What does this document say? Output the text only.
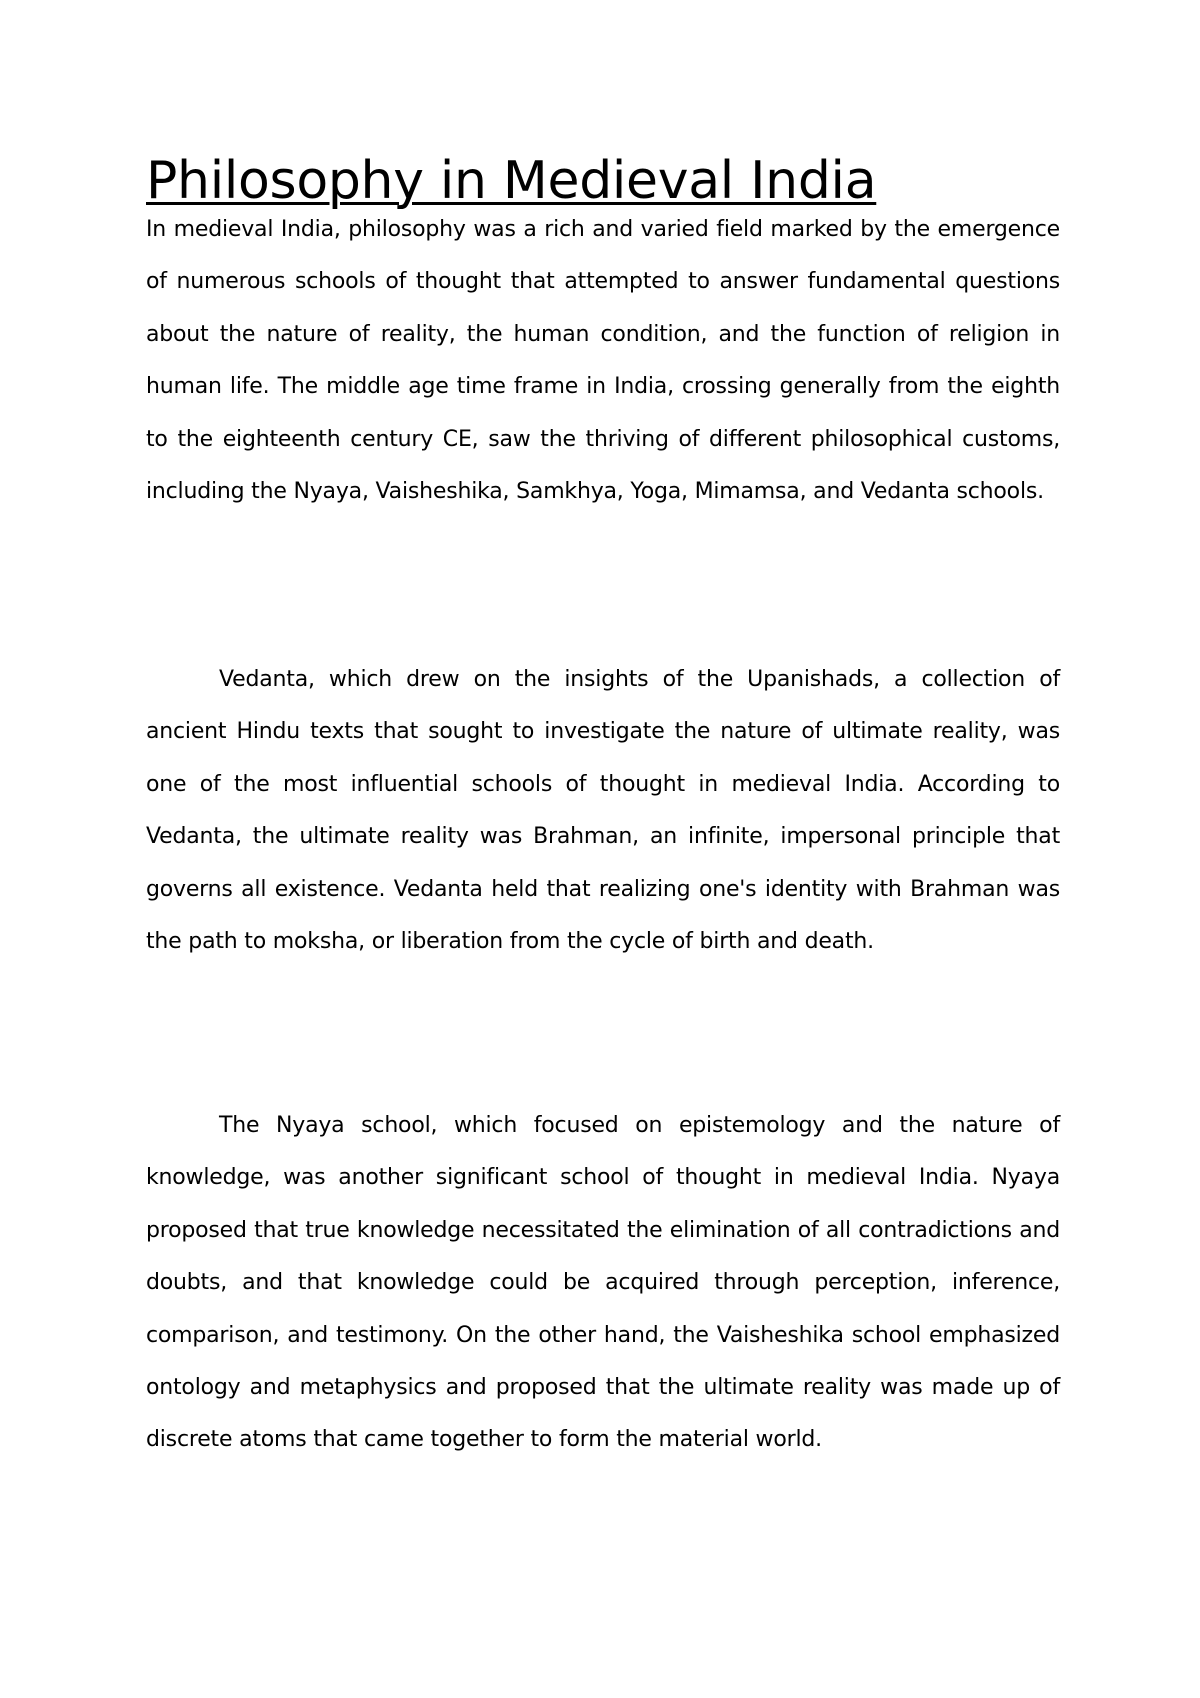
Philosophy in Medieval India

In medieval India, philosophy was a rich and varied field marked by the emergence of numerous schools of thought that attempted to answer fundamental questions about the nature of reality, the human condition, and the function of religion in human life. The middle age time frame in India, crossing generally from the eighth to the eighteenth century CE, saw the thriving of different philosophical customs, including the Nyaya, Vaisheshika, Samkhya, Yoga, Mimamsa, and Vedanta schools.

Vedanta, which drew on the insights of the Upanishads, a collection of ancient Hindu texts that sought to investigate the nature of ultimate reality, was one of the most influential schools of thought in medieval India. According to Vedanta, the ultimate reality was Brahman, an infinite, impersonal principle that governs all existence. Vedanta held that realizing one's identity with Brahman was the path to moksha, or liberation from the cycle of birth and death.

The Nyaya school, which focused on epistemology and the nature of knowledge, was another significant school of thought in medieval India. Nyaya proposed that true knowledge necessitated the elimination of all contradictions and doubts, and that knowledge could be acquired through perception, inference, comparison, and testimony. On the other hand, the Vaisheshika school emphasized ontology and metaphysics and proposed that the ultimate reality was made up of discrete atoms that came together to form the material world.
